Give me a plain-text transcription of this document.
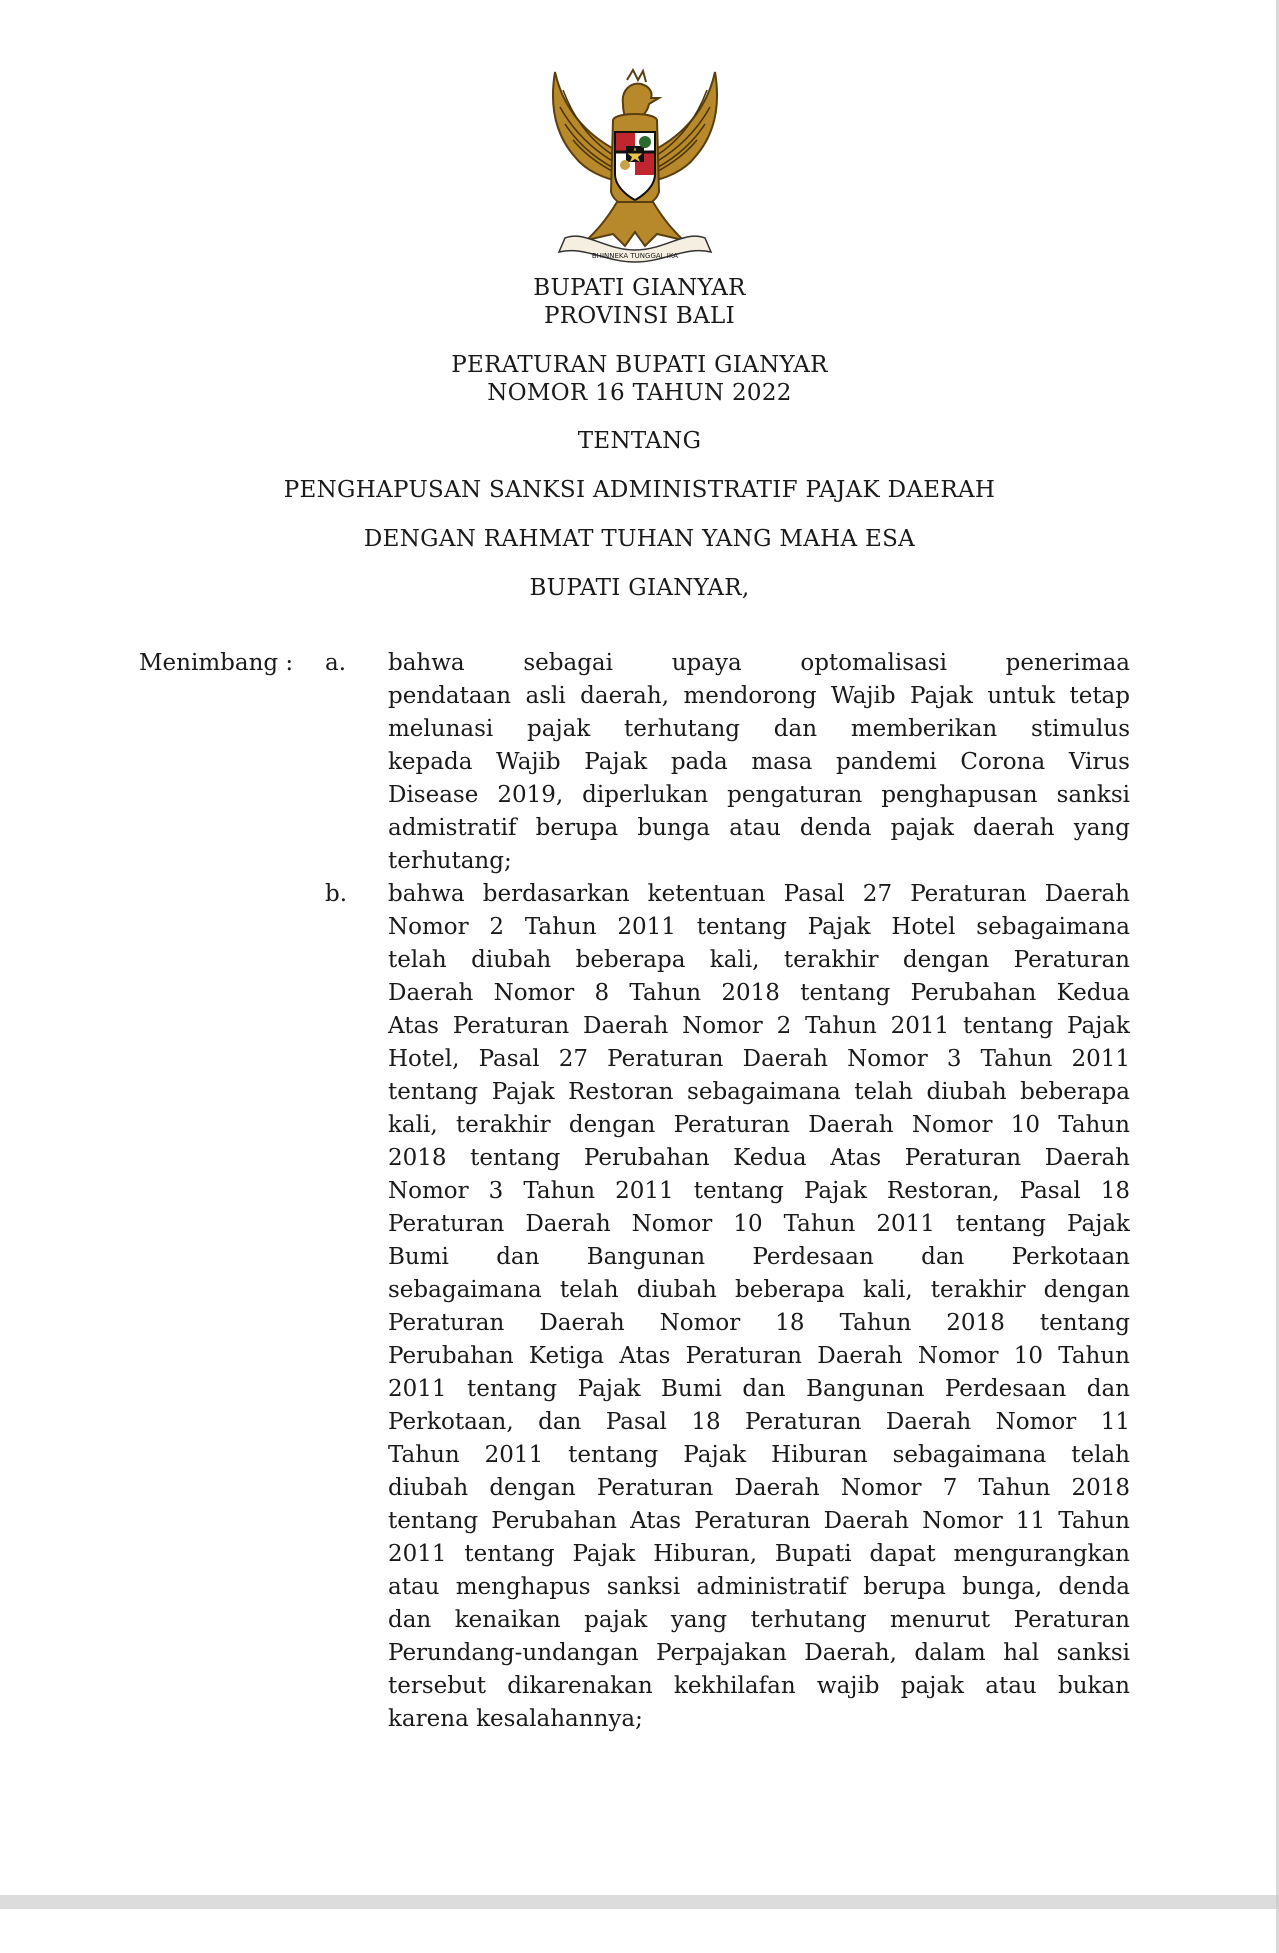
BHINNEKA TUNGGAL IKA
BUPATI GIANYAR
PROVINSI BALI
PERATURAN BUPATI GIANYAR
NOMOR 16 TAHUN 2022
TENTANG
PENGHAPUSAN SANKSI ADMINISTRATIF PAJAK DAERAH
DENGAN RAHMAT TUHAN YANG MAHA ESA
BUPATI GIANYAR,
Menimbang : a. bahwa sebagai upaya optomalisasi penerimaa
pendataan asli daerah, mendorong Wajib Pajak untuk tetap
melunasi pajak terhutang dan memberikan stimulus
kepada Wajib Pajak pada masa pandemi Corona Virus
Disease 2019, diperlukan pengaturan penghapusan sanksi
admistratif berupa bunga atau denda pajak daerah yang
terhutang;
b. bahwa berdasarkan ketentuan Pasal 27 Peraturan Daerah
Nomor 2 Tahun 2011 tentang Pajak Hotel sebagaimana
telah diubah beberapa kali, terakhir dengan Peraturan
Daerah Nomor 8 Tahun 2018 tentang Perubahan Kedua
Atas Peraturan Daerah Nomor 2 Tahun 2011 tentang Pajak
Hotel, Pasal 27 Peraturan Daerah Nomor 3 Tahun 2011
tentang Pajak Restoran sebagaimana telah diubah beberapa
kali, terakhir dengan Peraturan Daerah Nomor 10 Tahun
2018 tentang Perubahan Kedua Atas Peraturan Daerah
Nomor 3 Tahun 2011 tentang Pajak Restoran, Pasal 18
Peraturan Daerah Nomor 10 Tahun 2011 tentang Pajak
Bumi dan Bangunan Perdesaan dan Perkotaan
sebagaimana telah diubah beberapa kali, terakhir dengan
Peraturan Daerah Nomor 18 Tahun 2018 tentang
Perubahan Ketiga Atas Peraturan Daerah Nomor 10 Tahun
2011 tentang Pajak Bumi dan Bangunan Perdesaan dan
Perkotaan, dan Pasal 18 Peraturan Daerah Nomor 11
Tahun 2011 tentang Pajak Hiburan sebagaimana telah
diubah dengan Peraturan Daerah Nomor 7 Tahun 2018
tentang Perubahan Atas Peraturan Daerah Nomor 11 Tahun
2011 tentang Pajak Hiburan, Bupati dapat mengurangkan
atau menghapus sanksi administratif berupa bunga, denda
dan kenaikan pajak yang terhutang menurut Peraturan
Perundang-undangan Perpajakan Daerah, dalam hal sanksi
tersebut dikarenakan kekhilafan wajib pajak atau bukan
karena kesalahannya;
